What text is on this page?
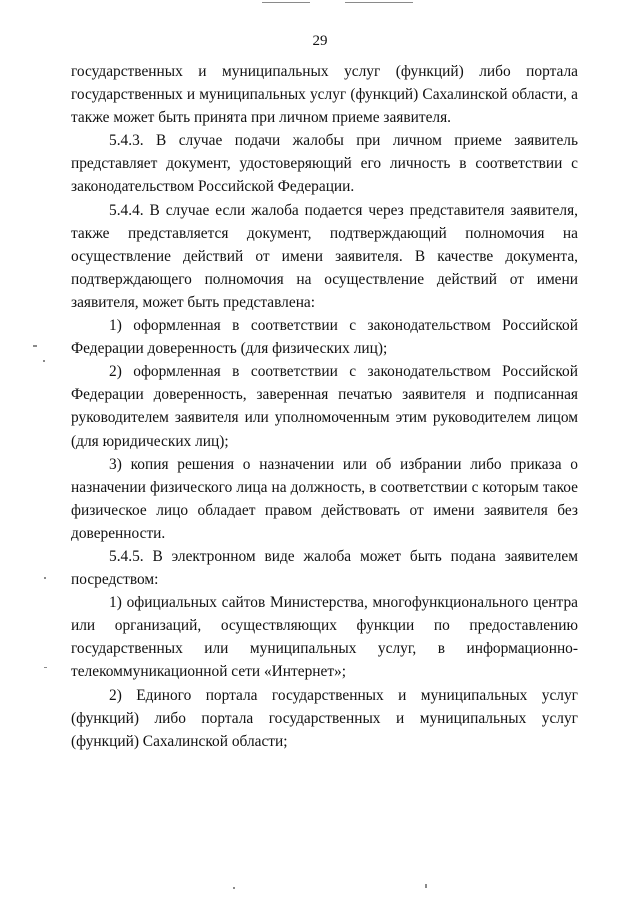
29

государственных и муниципальных услуг (функций) либо портала государственных и муниципальных услуг (функций) Сахалинской области, а также может быть принята при личном приеме заявителя.

5.4.3. В случае подачи жалобы при личном приеме заявитель представляет документ, удостоверяющий его личность в соответствии с законодательством Российской Федерации.

5.4.4. В случае если жалоба подается через представителя заявителя, также представляется документ, подтверждающий полномочия на осуществление действий от имени заявителя. В качестве документа, подтверждающего полномочия на осуществление действий от имени заявителя, может быть представлена:

1) оформленная в соответствии с законодательством Российской Федерации доверенность (для физических лиц);

2) оформленная в соответствии с законодательством Российской Федерации доверенность, заверенная печатью заявителя и подписанная руководителем заявителя или уполномоченным этим руководителем лицом (для юридических лиц);

3) копия решения о назначении или об избрании либо приказа о назначении физического лица на должность, в соответствии с которым такое физическое лицо обладает правом действовать от имени заявителя без доверенности.

5.4.5. В электронном виде жалоба может быть подана заявителем посредством:

1) официальных сайтов Министерства, многофункционального центра или организаций, осуществляющих функции по предоставлению государственных или муниципальных услуг, в информационно-телекоммуникационной сети «Интернет»;

2) Единого портала государственных и муниципальных услуг (функций) либо портала государственных и муниципальных услуг (функций) Сахалинской области;
